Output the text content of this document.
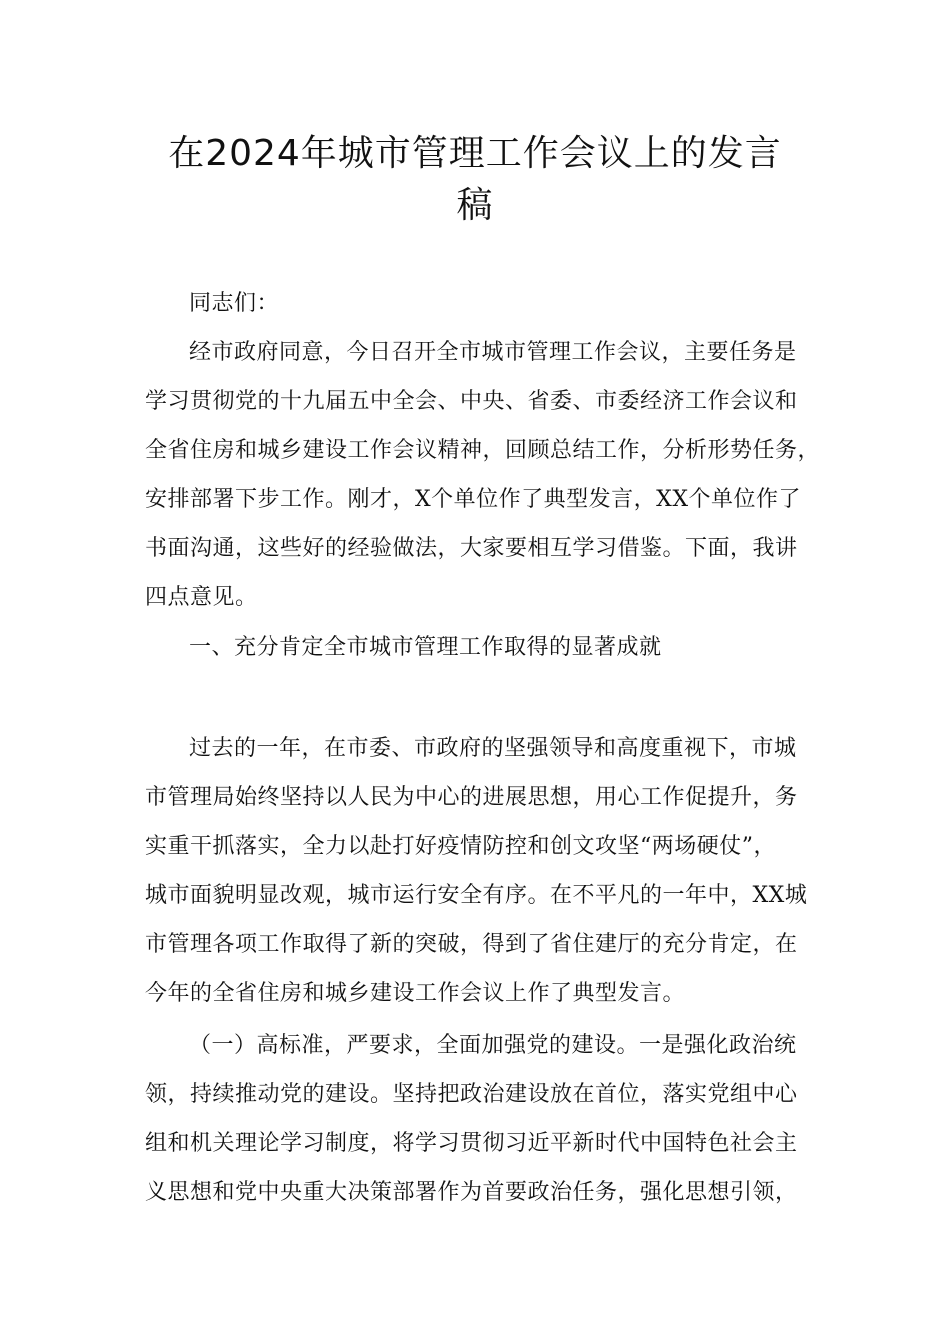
在2024年城市管理工作会议上的发言
稿
同志们：
经市政府同意，今日召开全市城市管理工作会议，主要任务是
学习贯彻党的十九届五中全会、中央、省委、市委经济工作会议和
全省住房和城乡建设工作会议精神，回顾总结工作，分析形势任务，
安排部署下步工作。刚才，X个单位作了典型发言，XX个单位作了
书面沟通，这些好的经验做法，大家要相互学习借鉴。下面，我讲
四点意见。
一、充分肯定全市城市管理工作取得的显著成就
过去的一年，在市委、市政府的坚强领导和高度重视下，市城
市管理局始终坚持以人民为中心的进展思想，用心工作促提升，务
实重干抓落实，全力以赴打好疫情防控和创文攻坚“两场硬仗”，
城市面貌明显改观，城市运行安全有序。在不平凡的一年中，XX城
市管理各项工作取得了新的突破，得到了省住建厅的充分肯定，在
今年的全省住房和城乡建设工作会议上作了典型发言。
（一）高标准，严要求，全面加强党的建设。一是强化政治统
领，持续推动党的建设。坚持把政治建设放在首位，落实党组中心
组和机关理论学习制度，将学习贯彻习近平新时代中国特色社会主
义思想和党中央重大决策部署作为首要政治任务，强化思想引领，
